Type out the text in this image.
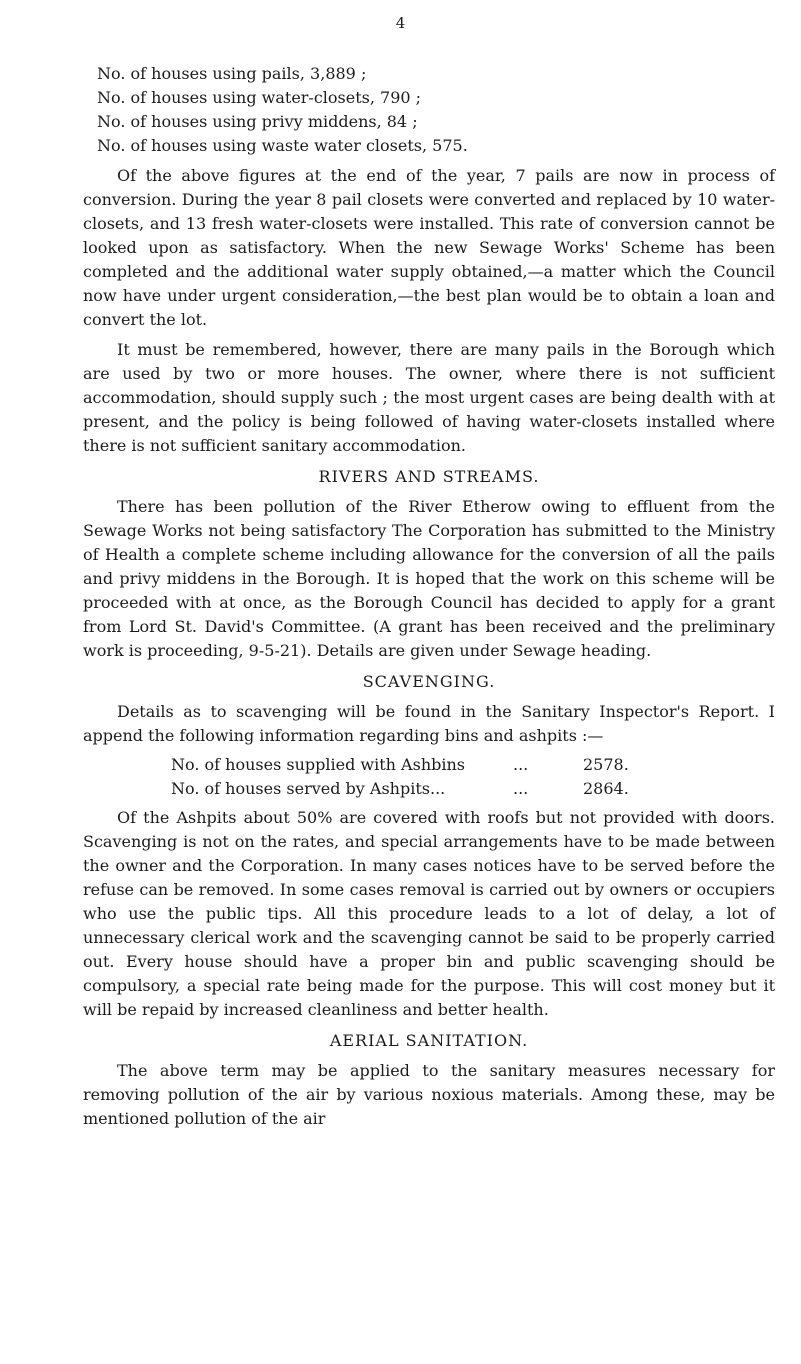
4
No. of houses using pails, 3,889 ;
No. of houses using water-closets, 790 ;
No. of houses using privy middens, 84 ;
No. of houses using waste water closets, 575.

Of the above figures at the end of the year, 7 pails are now in process of conversion. During the year 8 pail closets were converted and replaced by 10 water-closets, and 13 fresh water-closets were installed. This rate of conversion cannot be looked upon as satisfactory. When the new Sewage Works' Scheme has been completed and the additional water supply obtained,—a matter which the Council now have under urgent consideration,—the best plan would be to obtain a loan and convert the lot.

It must be remembered, however, there are many pails in the Borough which are used by two or more houses. The owner, where there is not sufficient accommodation, should supply such ; the most urgent cases are being dealth with at present, and the policy is being followed of having water-closets installed where there is not sufficient sanitary accommodation.

RIVERS AND STREAMS.

There has been pollution of the River Etherow owing to effluent from the Sewage Works not being satisfactory The Corporation has submitted to the Ministry of Health a complete scheme including allowance for the conversion of all the pails and privy middens in the Borough. It is hoped that the work on this scheme will be proceeded with at once, as the Borough Council has decided to apply for a grant from Lord St. David's Committee. (A grant has been received and the preliminary work is proceeding, 9-5-21). Details are given under Sewage heading.

SCAVENGING.

Details as to scavenging will be found in the Sanitary Inspector's Report. I append the following information regarding bins and ashpits :—

No. of houses supplied with Ashbins	...	2578.
No. of houses served by Ashpits...	...	2864.

Of the Ashpits about 50% are covered with roofs but not provided with doors. Scavenging is not on the rates, and special arrangements have to be made between the owner and the Corporation. In many cases notices have to be served before the refuse can be removed. In some cases removal is carried out by owners or occupiers who use the public tips. All this procedure leads to a lot of delay, a lot of unnecessary clerical work and the scavenging cannot be said to be properly carried out. Every house should have a proper bin and public scavenging should be compulsory, a special rate being made for the purpose. This will cost money but it will be repaid by increased cleanliness and better health.

AERIAL SANITATION.

The above term may be applied to the sanitary measures necessary for removing pollution of the air by various noxious materials. Among these, may be mentioned pollution of the air
